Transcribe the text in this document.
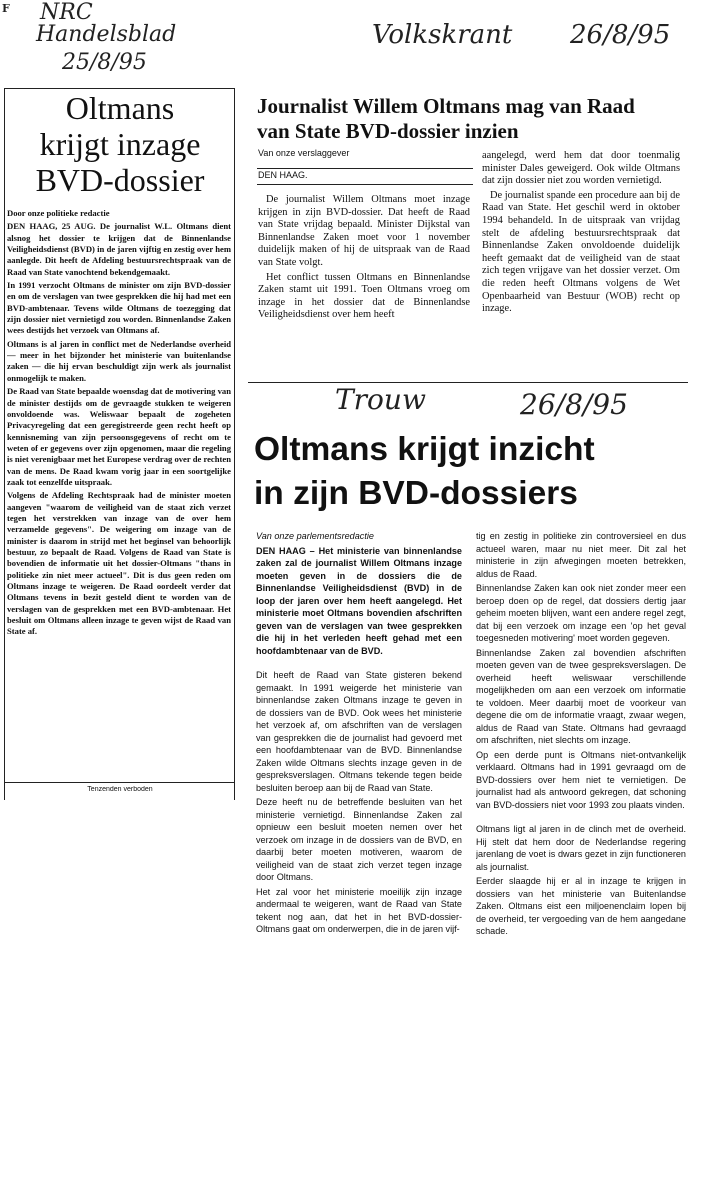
F NRC
Handelsblad
25/8/95
Volkskrant 26/8/95
Trouw	26/8/95
Oltmans
krijgt inzage
BVD-dossier

Door onze politieke redactie

DEN HAAG, 25 AUG. De journalist W.L. Oltmans dient alsnog het dossier te krijgen dat de Binnenlandse Veiligheidsdienst (BVD) in de jaren vijftig en zestig over hem aanlegde. Dit heeft de Afdeling bestuursrechtspraak van de Raad van State vanochtend bekendgemaakt.

In 1991 verzocht Oltmans de minister om zijn BVD-dossier en om de verslagen van twee gesprekken die hij had met een BVD-ambtenaar. Tevens wilde Oltmans de toezegging dat zijn dossier niet vernietigd zou worden. Binnenlandse Zaken wees destijds het verzoek van Oltmans af.

Oltmans is al jaren in conflict met de Nederlandse overheid — meer in het bijzonder het ministerie van buitenlandse zaken — die hij ervan beschuldigt zijn werk als journalist onmogelijk te maken.

De Raad van State bepaalde woensdag dat de motivering van de minister destijds om de gevraagde stukken te weigeren onvoldoende was. Weliswaar bepaalt de zogeheten Privacyregeling dat een geregistreerde geen recht heeft op kennisneming van zijn persoonsgegevens of recht om te weten of er gegevens over zijn opgenomen, maar die regeling is niet verenigbaar met het Europese verdrag over de rechten van de mens. De Raad kwam vorig jaar in een soortgelijke zaak tot eenzelfde uitspraak.

Volgens de Afdeling Rechtspraak had de minister moeten aangeven "waarom de veiligheid van de staat zich verzet tegen het verstrekken van inzage van de over hem verzamelde gegevens". De weigering om inzage van de minister is daarom in strijd met het beginsel van behoorlijk bestuur, zo bepaalt de Raad. Volgens de Raad van State is bovendien de informatie uit het dossier-Oltmans "thans in politieke zin niet meer actueel". Dit is dus geen reden om Oltmans inzage te weigeren. De Raad oordeelt verder dat Oltmans tevens in bezit gesteld dient te worden van de verslagen van de gesprekken met een BVD-ambtenaar. Het besluit om Oltmans alleen inzage te geven wijst de Raad van State af.

Tenzenden verboden
Journalist Willem Oltmans mag van Raad van State BVD-dossier inzien
Van onze verslaggever
DEN HAAG.

De journalist Willem Oltmans moet inzage krijgen in zijn BVD-dossier. Dat heeft de Raad van State vrijdag bepaald. Minister Dijkstal van Binnenlandse Zaken moet voor 1 november duidelijk maken of hij de uitspraak van de Raad van State volgt.

Het conflict tussen Oltmans en Binnenlandse Zaken stamt uit 1991. Toen Oltmans vroeg om inzage in het dossier dat de Binnenlandse Veiligheidsdienst over hem heeft

aangelegd, werd hem dat door toenmalig minister Dales geweigerd. Ook wilde Oltmans dat zijn dossier niet zou worden vernietigd.

De journalist spande een procedure aan bij de Raad van State. Het geschil werd in oktober 1994 behandeld. In de uitspraak van vrijdag stelt de afdeling bestuursrechtspraak dat Binnenlandse Zaken onvoldoende duidelijk heeft gemaakt dat de veiligheid van de staat zich tegen vrijgave van het dossier verzet. Om die reden heeft Oltmans volgens de Wet Openbaarheid van Bestuur (WOB) recht op inzage.

Oltmans krijgt inzicht
in zijn BVD-dossiers

Van onze parlementsredactie

DEN HAAG – Het ministerie van binnenlandse zaken zal de journalist Willem Oltmans inzage moeten geven in de dossiers die de Binnenlandse Veiligheidsdienst (BVD) in de loop der jaren over hem heeft aangelegd. Het ministerie moet Oltmans bovendien afschriften geven van de verslagen van twee gesprekken die hij in het verleden heeft gehad met een hoofdambtenaar van de BVD.

Dit heeft de Raad van State gisteren bekend gemaakt. In 1991 weigerde het ministerie van binnenlandse zaken Oltmans inzage te geven in de dossiers van de BVD. Ook wees het ministerie het verzoek af, om afschriften van de verslagen van gesprekken die de journalist had gevoerd met een hoofdambtenaar van de BVD. Binnenlandse Zaken wilde Oltmans slechts inzage geven in de gespreksverslagen. Oltmans tekende tegen beide besluiten beroep aan bij de Raad van State.

Deze heeft nu de betreffende besluiten van het ministerie vernietigd. Binnenlandse Zaken zal opnieuw een besluit moeten nemen over het verzoek om inzage in de dossiers van de BVD, en daarbij beter moeten motiveren, waarom de veiligheid van de staat zich verzet tegen inzage door Oltmans.

Het zal voor het ministerie moeilijk zijn inzage andermaal te weigeren, want de Raad van State tekent nog aan, dat het in het BVD-dossier-Oltmans gaat om onderwerpen, die in de jaren vijf-

tig en zestig in politieke zin controversieel en dus actueel waren, maar nu niet meer. Dit zal het ministerie in zijn afwegingen moeten betrekken, aldus de Raad.

Binnenlandse Zaken kan ook niet zonder meer een beroep doen op de regel, dat dossiers dertig jaar geheim moeten blijven, want een andere regel zegt, dat bij een verzoek om inzage een 'op het geval toegesneden motivering' moet worden gegeven.

Binnenlandse Zaken zal bovendien afschriften moeten geven van de twee gespreksverslagen. De overheid heeft weliswaar verschillende mogelijkheden om aan een verzoek om informatie te voldoen. Meer daarbij moet de voorkeur van degene die om de informatie vraagt, zwaar wegen, aldus de Raad van State. Oltmans had gevraagd om afschriften, niet slechts om inzage.

Op een derde punt is Oltmans niet-ontvankelijk verklaard. Oltmans had in 1991 gevraagd om de BVD-dossiers over hem niet te vernietigen. De journalist had als antwoord gekregen, dat schoning van BVD-dossiers niet voor 1993 zou plaats vinden.

Oltmans ligt al jaren in de clinch met de overheid. Hij stelt dat hem door de Nederlandse regering jarenlang de voet is dwars gezet in zijn functioneren als journalist.

Eerder slaagde hij er al in inzage te krijgen in dossiers van het ministerie van Buitenlandse Zaken. Oltmans eist een miljoenenclaim lopen bij de overheid, ter vergoeding van de hem aangedane schade.
